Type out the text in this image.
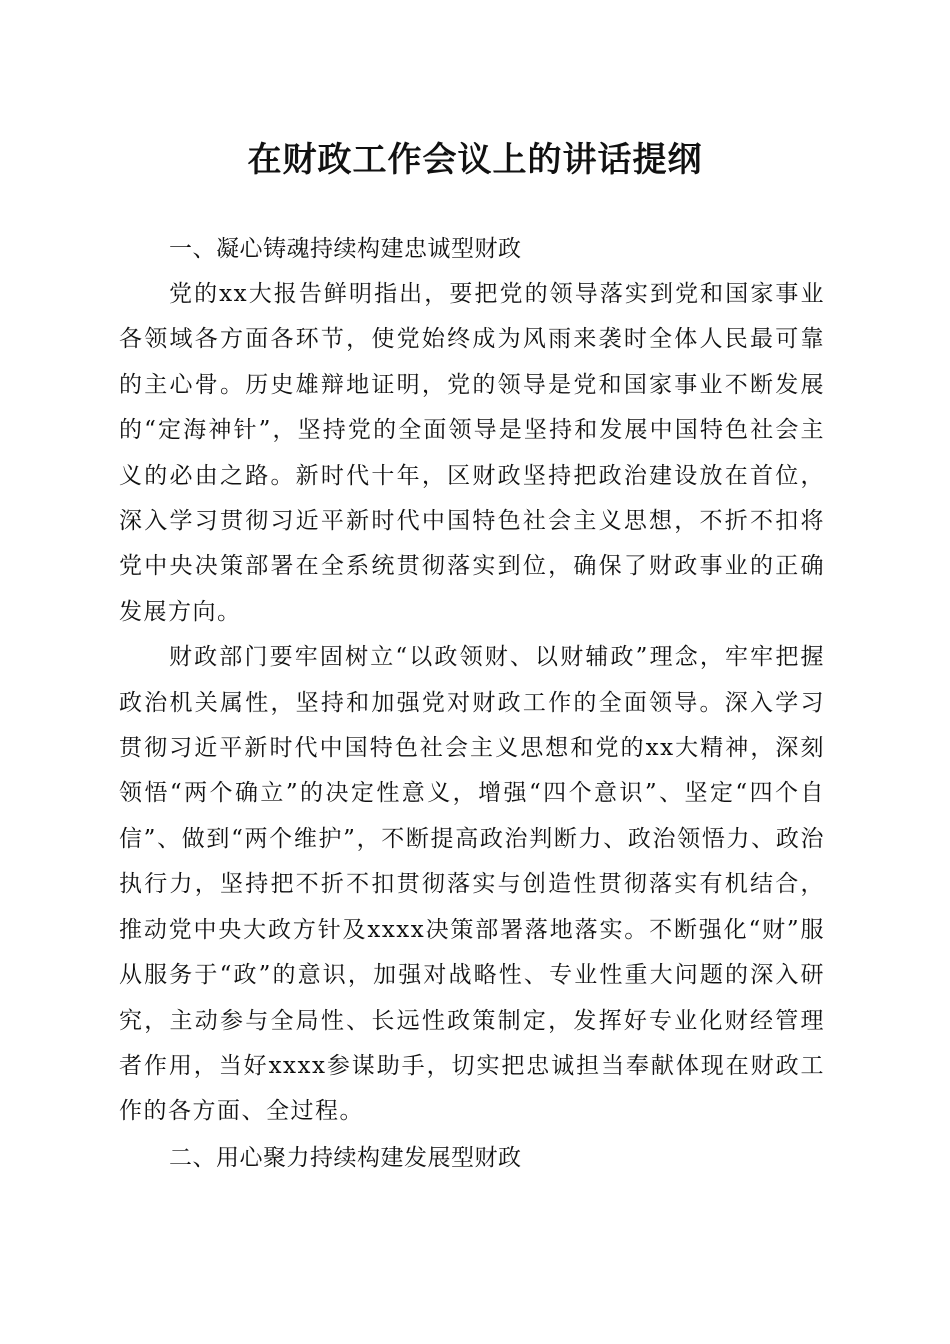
在财政工作会议上的讲话提纲
一、凝心铸魂持续构建忠诚型财政

党的xx大报告鲜明指出，要把党的领导落实到党和国家事业各领域各方面各环节，使党始终成为风雨来袭时全体人民最可靠的主心骨。历史雄辩地证明，党的领导是党和国家事业不断发展的“定海神针”，坚持党的全面领导是坚持和发展中国特色社会主义的必由之路。新时代十年，区财政坚持把政治建设放在首位，深入学习贯彻习近平新时代中国特色社会主义思想，不折不扣将党中央决策部署在全系统贯彻落实到位，确保了财政事业的正确发展方向。

财政部门要牢固树立“以政领财、以财辅政”理念，牢牢把握政治机关属性，坚持和加强党对财政工作的全面领导。深入学习贯彻习近平新时代中国特色社会主义思想和党的xx大精神，深刻领悟“两个确立”的决定性意义，增强“四个意识”、坚定“四个自信”、做到“两个维护”，不断提高政治判断力、政治领悟力、政治执行力，坚持把不折不扣贯彻落实与创造性贯彻落实有机结合，推动党中央大政方针及xxxx决策部署落地落实。不断强化“财”服从服务于“政”的意识，加强对战略性、专业性重大问题的深入研究，主动参与全局性、长远性政策制定，发挥好专业化财经管理者作用，当好xxxx参谋助手，切实把忠诚担当奉献体现在财政工作的各方面、全过程。

二、用心聚力持续构建发展型财政
